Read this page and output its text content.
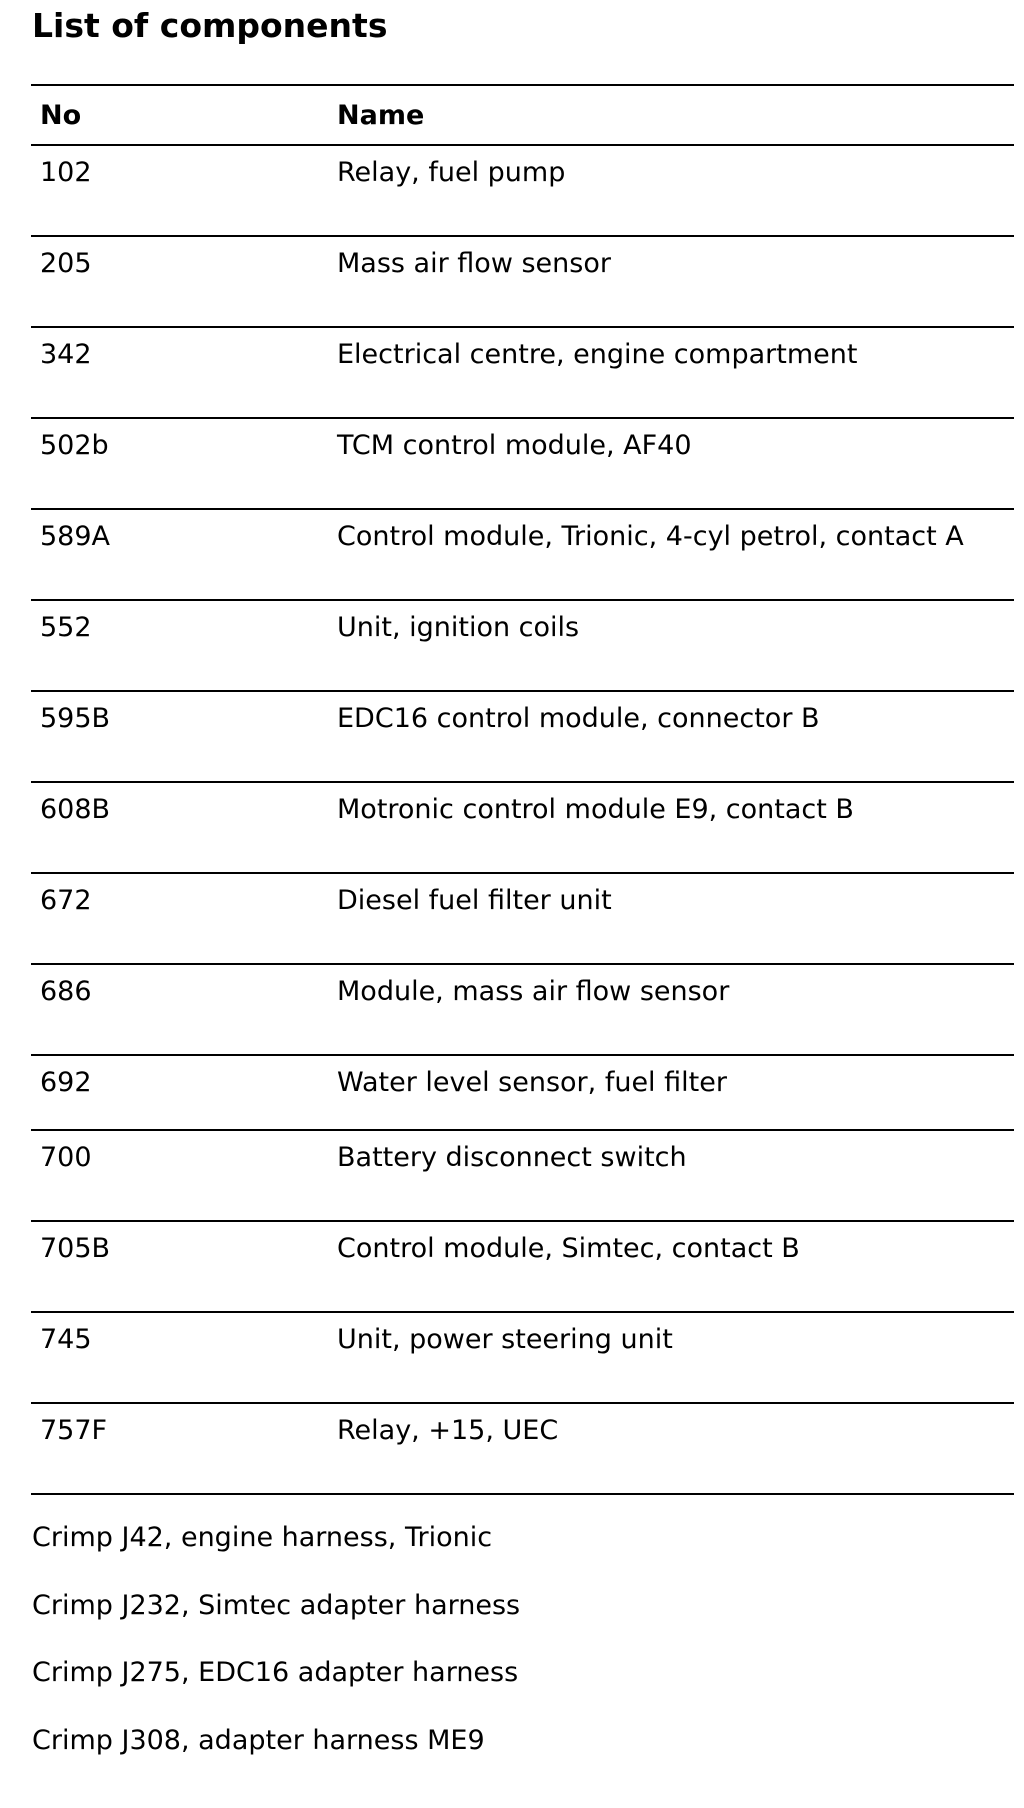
List of components
No	Name
102	Relay, fuel pump
205	Mass air flow sensor
342	Electrical centre, engine compartment
502b	TCM control module, AF40
589A	Control module, Trionic, 4-cyl petrol, contact A
552	Unit, ignition coils
595B	EDC16 control module, connector B
608B	Motronic control module E9, contact B
672	Diesel fuel filter unit
686	Module, mass air flow sensor
692	Water level sensor, fuel filter
700	Battery disconnect switch
705B	Control module, Simtec, contact B
745	Unit, power steering unit
757F	Relay, +15, UEC
Crimp J42, engine harness, Trionic
Crimp J232, Simtec adapter harness
Crimp J275, EDC16 adapter harness
Crimp J308, adapter harness ME9
